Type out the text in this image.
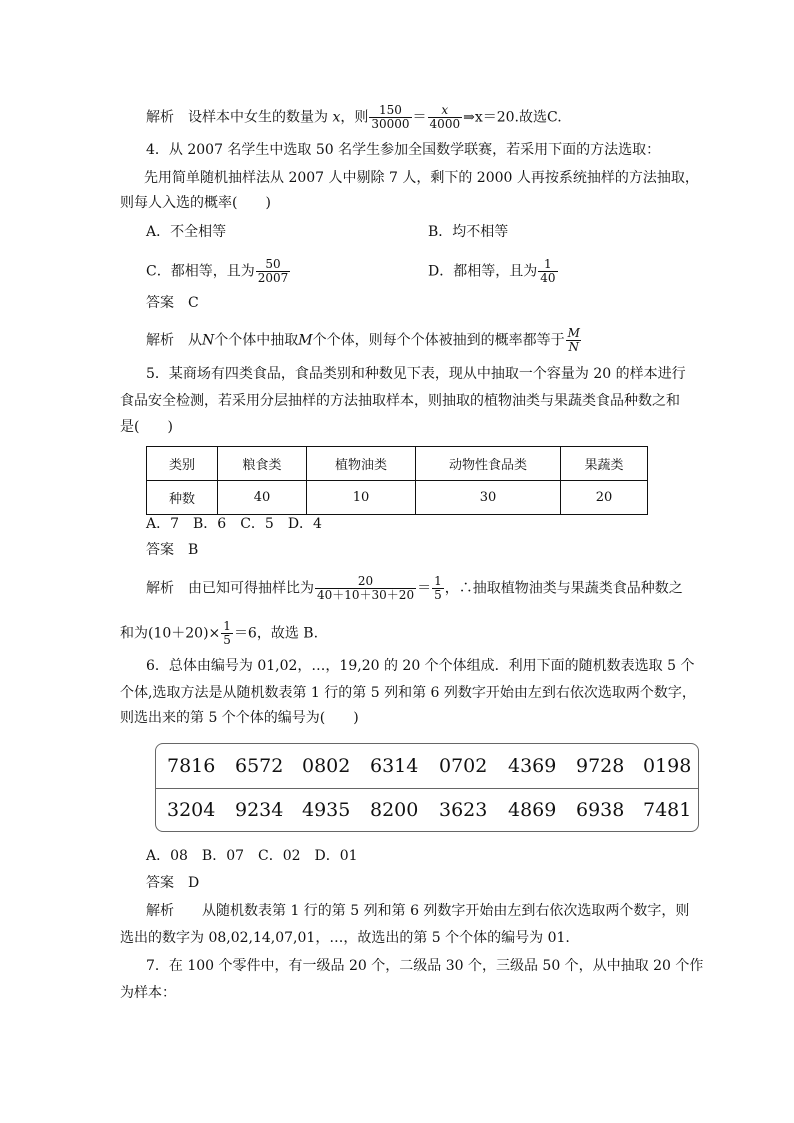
解析　设样本中女生的数量为 x，则 $\frac{150}{30000} = \frac{x}{4000}$ ⇒x＝20.故选C.
4．从 2007 名学生中选取 50 名学生参加全国数学联赛，若采用下面的方法选取：
先用简单随机抽样法从 2007 人中剔除 7 人，剩下的 2000 人再按系统抽样的方法抽取，
则每人入选的概率(　　)
A．不全相等	B．均不相等
C．都相等，且为 $\frac{50}{2007}$	D．都相等，且为 $\frac{1}{40}$
答案　C
解析　从N个个体中抽取M个个体，则每个个体被抽到的概率都等于 $\frac{M}{N}$
5．某商场有四类食品，食品类别和种数见下表，现从中抽取一个容量为 20 的样本进行
食品安全检测，若采用分层抽样的方法抽取样本，则抽取的植物油类与果蔬类食品种数之和
是(　　)
类别	粮食类	植物油类	动物性食品类	果蔬类
种数	40	10	30	20
A．7　B．6　C．5　D．4
答案　B
解析　由已知可得抽样比为 $\frac{20}{40+10+30+20} = \frac{1}{5}$ ，∴抽取植物油类与果蔬类食品种数之
和为$(10+20)\times \frac{1}{5} =6$，故选 B.
6．总体由编号为 01,02，…，19,20 的 20 个个体组成．利用下面的随机数表选取 5 个
个体,选取方法是从随机数表第 1 行的第 5 列和第 6 列数字开始由左到右依次选取两个数字，
则选出来的第 5 个个体的编号为(　　)
7816 6572 0802 6314 0702 4369 9728 0198
3204 9234 4935 8200 3623 4869 6938 7481
A．08　B．07　C．02　D．01
答案　D
解析　　从随机数表第 1 行的第 5 列和第 6 列数字开始由左到右依次选取两个数字，则
选出的数字为 08,02,14,07,01，…，故选出的第 5 个个体的编号为 01.
7．在 100 个零件中，有一级品 20 个，二级品 30 个，三级品 50 个，从中抽取 20 个作
为样本：
